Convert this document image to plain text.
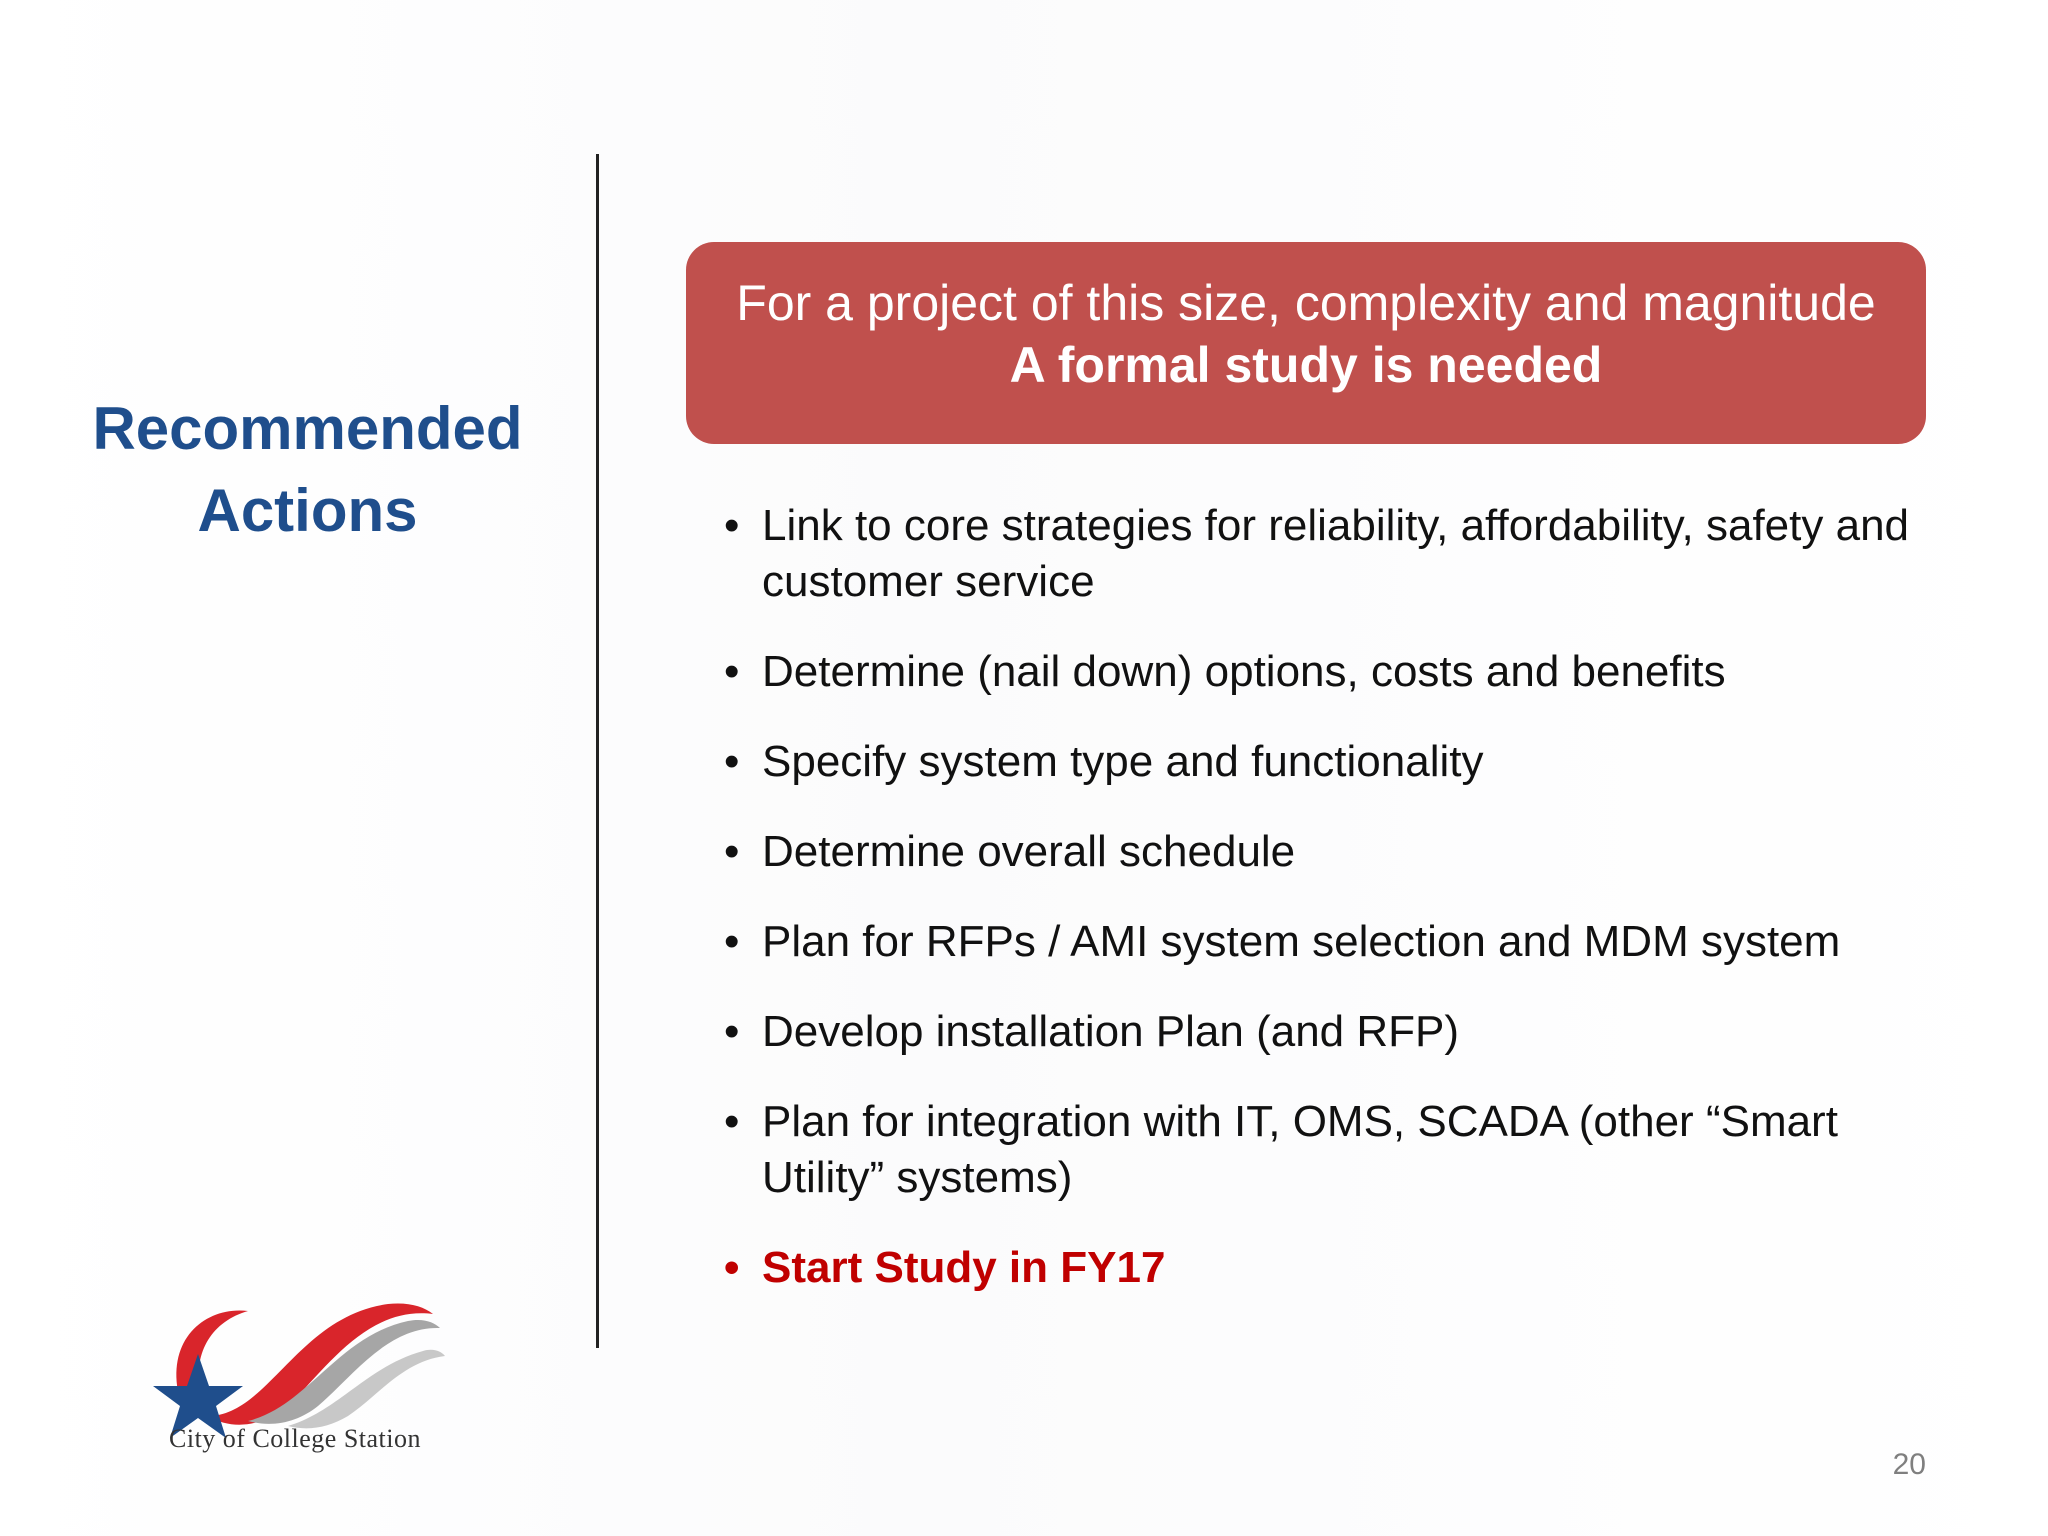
Recommended
Actions
For a project of this size, complexity and magnitude
A formal study is needed
• Link to core strategies for reliability, affordability, safety and customer service
• Determine (nail down) options, costs and benefits
• Specify system type and functionality
• Determine overall schedule
• Plan for RFPs / AMI system selection and MDM system
• Develop installation Plan (and RFP)
• Plan for integration with IT, OMS, SCADA (other “Smart Utility” systems)
• Start Study in FY17
City of College Station
20
